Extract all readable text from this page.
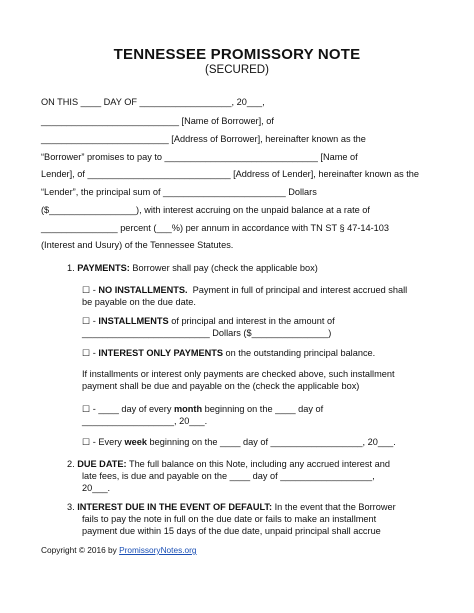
TENNESSEE PROMISSORY NOTE
(SECURED)
ON THIS ____ DAY OF __________________, 20___,
___________________________ [Name of Borrower], of
_________________________ [Address of Borrower], hereinafter known as the
“Borrower” promises to pay to ______________________________ [Name of
Lender], of ____________________________ [Address of Lender], hereinafter known as the
“Lender”, the principal sum of ________________________ Dollars
($_________________), with interest accruing on the unpaid balance at a rate of
_______________ percent (___%) per annum in accordance with TN ST § 47-14-103
(Interest and Usury) of the Tennessee Statutes.
1. PAYMENTS: Borrower shall pay (check the applicable box)
☐ - NO INSTALLMENTS.  Payment in full of principal and interest accrued shall
be payable on the due date.
☐ - INSTALLMENTS of principal and interest in the amount of
_________________________ Dollars ($_______________)
☐ - INTEREST ONLY PAYMENTS on the outstanding principal balance.
If installments or interest only payments are checked above, such installment
payment shall be due and payable on the (check the applicable box)
☐ - ____ day of every month beginning on the ____ day of
__________________, 20___.
☐ - Every week beginning on the ____ day of __________________, 20___.
2. DUE DATE: The full balance on this Note, including any accrued interest and
late fees, is due and payable on the ____ day of __________________,
20___.
3. INTEREST DUE IN THE EVENT OF DEFAULT: In the event that the Borrower
fails to pay the note in full on the due date or fails to make an installment
payment due within 15 days of the due date, unpaid principal shall accrue
Copyright © 2016 by PromissoryNotes.org
